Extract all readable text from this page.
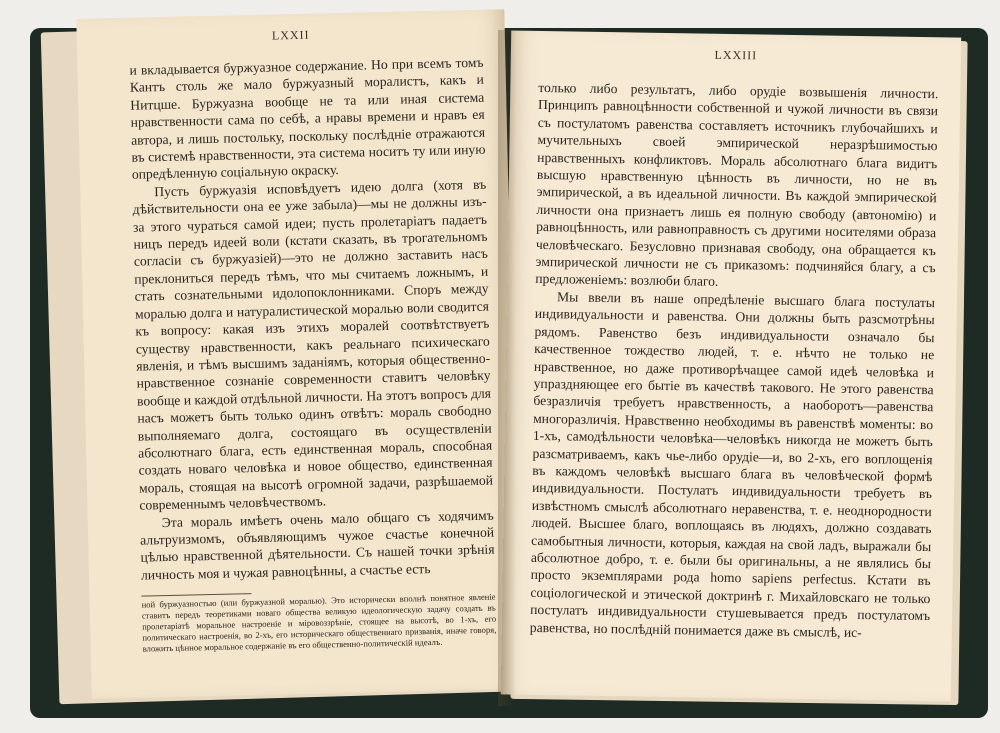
LXXII

и вкладывается буржуазное содержание. Но при всемъ томъ Кантъ столь же мало буржуазный моралистъ, какъ и Нитцше. Буржуазна вообще не та или иная система нравственности сама по себѣ, а нравы времени и нравъ ея автора, и лишь постольку, поскольку послѣдніе отражаются въ системѣ нравственности, эта система носитъ ту или иную опредѣленную соціальную окраску.

Пусть буржуазія исповѣдуетъ идею долга (хотя въ дѣйствительности она ее уже забыла)—мы не должны изъ-за этого чураться самой идеи; пусть пролетаріатъ падаетъ ницъ передъ идеей воли (кстати сказать, въ трогательномъ согласіи съ буржуазіей)—это не должно заставить насъ преклониться передъ тѣмъ, что мы считаемъ ложнымъ, и стать сознательными идолопоклонниками. Споръ между моралью долга и натуралистической моралью воли сводится къ вопросу: какая изъ этихъ моралей соотвѣтствуетъ существу нравственности, какъ реальнаго психическаго явленія, и тѣмъ высшимъ заданіямъ, которыя общественно-нравственное сознаніе современности ставитъ человѣку вообще и каждой отдѣльной личности. На этотъ вопросъ для насъ можетъ быть только одинъ отвѣтъ: мораль свободно выполняемаго долга, состоящаго въ осуществленіи абсолютнаго блага, есть единственная мораль, способная создать новаго человѣка и новое общество, единственная мораль, стоящая на высотѣ огромной задачи, разрѣшаемой современнымъ человѣчествомъ.

Эта мораль имѣетъ очень мало общаго съ ходячимъ альтруизмомъ, объявляющимъ чужое счастье конечной цѣлью нравственной дѣятельности. Съ нашей точки зрѣнія личность моя и чужая равноцѣнны, а счастье есть

ной буржуазностью (или буржуазной моралью). Это исторически вполнѣ понятное явленіе ставитъ передъ теоретиками новаго общества великую идеологическую задачу создать въ пролетаріатѣ моральное настроеніе и міровоззрѣніе, стоящее на высотѣ, во 1-хъ, его политическаго настроенія, во 2-хъ, его историческаго общественнаго призванія, иначе говоря, вложить цѣнное моральное содержаніе въ его общественно-политическій идеалъ.
LXXIII

только либо результатъ, либо орудіе возвышенія личности. Принципъ равноцѣнности собственной и чужой личности въ связи съ постулатомъ равенства составляетъ источникъ глубочайшихъ и мучительныхъ своей эмпирической неразрѣшимостью нравственныхъ конфликтовъ. Мораль абсолютнаго блага видитъ высшую нравственную цѣнность въ личности, но не въ эмпирической, а въ идеальной личности. Въ каждой эмпирической личности она признаетъ лишь ея полную свободу (автономію) и равноцѣнность, или равноправность съ другими носителями образа человѣческаго. Безусловно признавая свободу, она обращается къ эмпирической личности не съ приказомъ: подчиняйся благу, а съ предложеніемъ: возлюби благо.

Мы ввели въ наше опредѣленіе высшаго блага постулаты индивидуальности и равенства. Они должны быть разсмотрѣны рядомъ. Равенство безъ индивидуальности означало бы качественное тождество людей, т. е. нѣчто не только не нравственное, но даже противорѣчащее самой идеѣ человѣка и упраздняющее его бытіе въ качествѣ такового. Не этого равенства безразличія требуетъ нравственность, а наоборотъ—равенства многоразличія. Нравственно необходимы въ равенствѣ моменты: во 1-хъ, самодѣльности человѣка—человѣкъ никогда не можетъ быть разсматриваемъ, какъ чье-либо орудіе—и, во 2-хъ, его воплощенія въ каждомъ человѣкѣ высшаго блага въ человѣческой формѣ индивидуальности. Постулатъ индивидуальности требуетъ въ извѣстномъ смыслѣ абсолютнаго неравенства, т. е. неоднородности людей. Высшее благо, воплощаясь въ людяхъ, должно создавать самобытныя личности, которыя, каждая на свой ладъ, выражали бы абсолютное добро, т. е. были бы оригинальны, а не являлись бы просто экземплярами рода homo sapiens perfectus. Кстати въ соціологической и этической доктринѣ г. Михайловскаго не только постулатъ индивидуальности стушевывается предъ постулатомъ равенства, но послѣдній понимается даже въ смыслѣ, ис-
